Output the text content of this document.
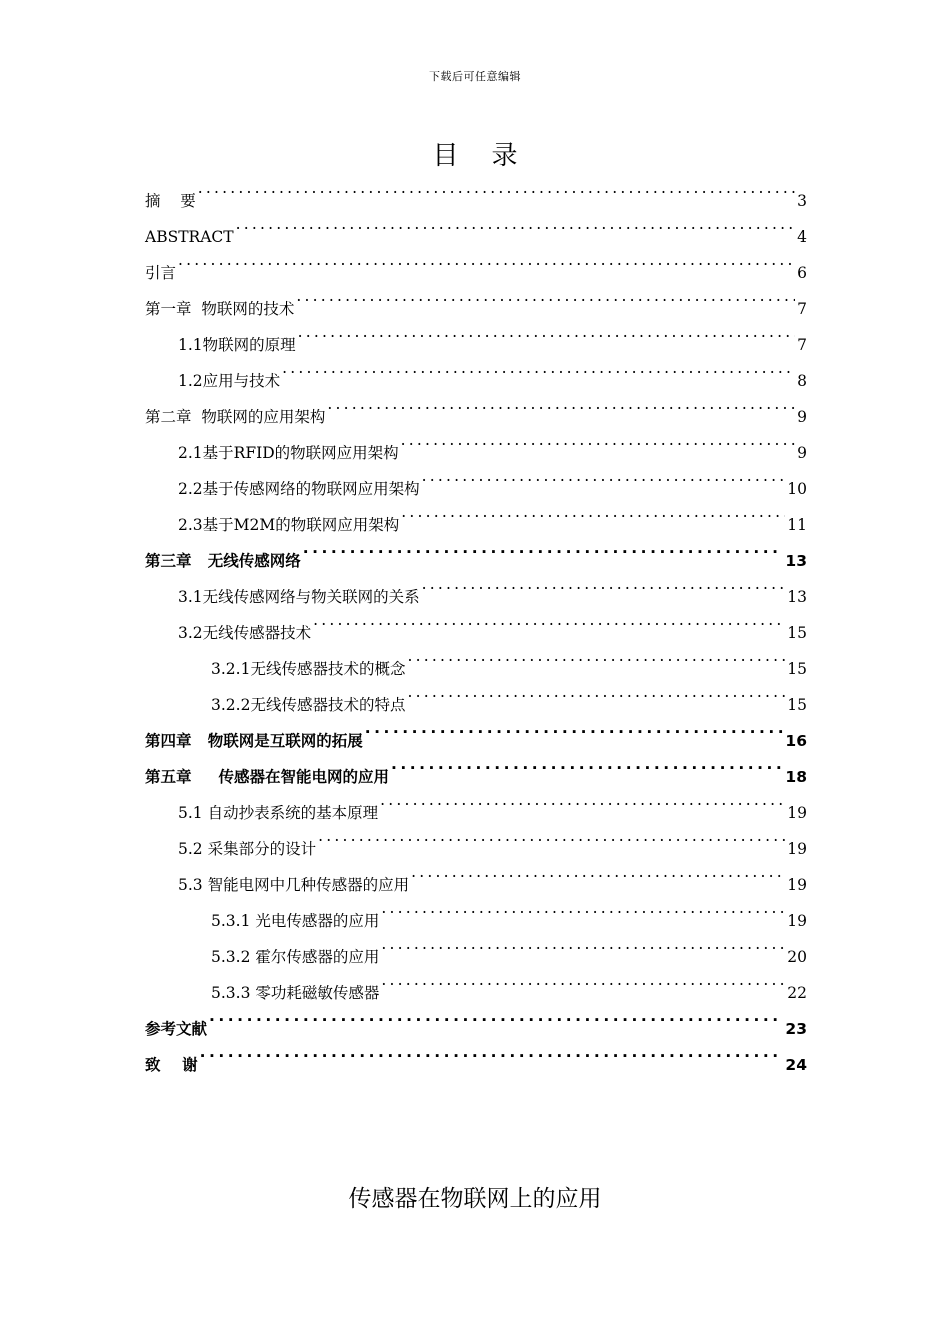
下载后可任意编辑
目    录
摘    要 .....	3
ABSTRACT .....	4
引言 .....	6
第一章  物联网的技术 .....	7
1.1物联网的原理 .....	7
1.2应用与技术 .....	8
第二章  物联网的应用架构 .....	9
2.1基于RFID的物联网应用架构 .....	9
2.2基于传感网络的物联网应用架构 .....	10
2.3基于M2M的物联网应用架构 .....	11
第三章   无线传感网络 .....	13
3.1无线传感网络与物关联网的关系 .....	13
3.2无线传感器技术 .....	15
3.2.1无线传感器技术的概念 .....	15
3.2.2无线传感器技术的特点 .....	15
第四章   物联网是互联网的拓展 .....	16
第五章     传感器在智能电网的应用 .....	18
5.1 自动抄表系统的基本原理 .....	19
5.2 采集部分的设计 .....	19
5.3 智能电网中几种传感器的应用 .....	19
5.3.1 光电传感器的应用 .....	19
5.3.2 霍尔传感器的应用 .....	20
5.3.3 零功耗磁敏传感器 .....	22
参考文献 .....	23
致    谢 .....	24
传感器在物联网上的应用
